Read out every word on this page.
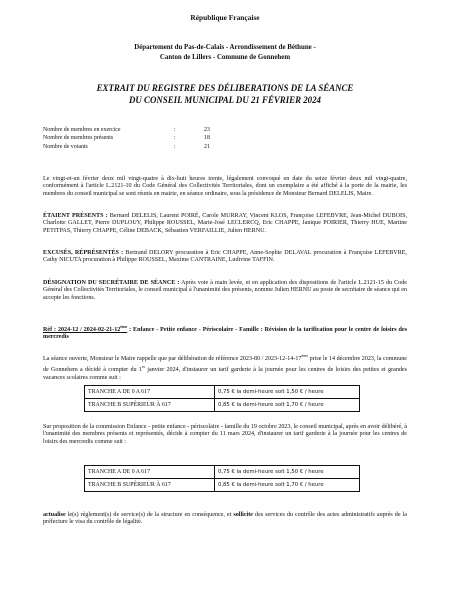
République Française
Département du Pas-de-Calais - Arrondissement de Béthune -
Canton de Lillers - Commune de Gonnehem
EXTRAIT DU REGISTRE DES DÉLIBERATIONS DE LA SÉANCE
DU CONSEIL MUNICIPAL DU 21 FÉVRIER 2024
Nombre de membres en exercice	:	23
Nombre de membres présents	:	18
Nombre de votants	:	21
Le vingt-et-un février deux mil vingt-quatre à dix-huit heures trente, légalement convoqué en date du seize février deux mil vingt-quatre, conformément à l'article L.2121-10 du Code Général des Collectivités Territoriales, dont un exemplaire a été affiché à la porte de la mairie, les membres du conseil municipal se sont réunis en mairie, en séance ordinaire, sous la présidence de Monsieur Bernard DELELIS, Maire.
ÉTAIENT PRÉSENTS : Bernard DELELIS, Laurent POIRÉ, Carole MURRAY, Vincent KLOS, Françoise LEFEBVRE, Jean-Michel DUBOIS, Charlotte GALLET, Pierre DUPLOUY, Philippe ROUSSEL, Marie-José LECLERCQ, Eric CHAPPE, Janique POIRIER, Thierry HUE, Martine PETITPAS, Thierry CHAPPE, Céline DEBACK, Sébastien VERFAILLIE, Julien HERNU.
EXCUSÉS, RÉPRÉSENTÉS : Bertrand DELORY procuration à Eric CHAPPE, Anne-Sophie DELAVAL procuration à Françoise LEFEBVRE, Cathy NICUTA procuration à Philippe ROUSSEL, Maxime CANTRAINE, Ludivine TAFFIN.
DÉSIGNATION DU SECRÉTAIRE DE SÉANCE : Après vote à main levée, et en application des dispositions de l'article L.2121-15 du Code Général des Collectivités Territoriales, le conseil municipal à l'unanimité des présents, nomme Julien HERNU au poste de secrétaire de séance qui en accepte les fonctions.
Réf : 2024-12 / 2024-02-21-12ème : Enfance - Petite enfance - Périscolaire - Famille : Révision de la tarification pour le centre de loisirs des mercredis
La séance ouverte, Monsieur le Maire rappelle que par délibération de référence 2023-80 / 2023-12-14-17ème prise le 14 décembre 2023, la commune de Gonnehem a décidé à compter du 1er janvier 2024, d'instaurer un tarif garderie à la journée pour les centres de loisirs des petites et grandes vacances scolaires comme suit :
TRANCHE A DE 0 A 617	0,75 € la demi-heure soit 1,50 € / heure
TRANCHE B SUPÉRIEUR À 617	0,85 € la demi-heure soit 1,70 € / heure
Sur proposition de la commission Enfance - petite enfance - périscolaire - famille du 19 octobre 2023, le conseil municipal, après en avoir délibéré, à l'unanimité des membres présents et représentés, décide à compter du 11 mars 2024, d'instaurer un tarif garderie à la journée pour les centres de loisirs des mercredis comme suit :
TRANCHE A DE 0 A 617	0,75 € la demi-heure soit 1,50 € / heure
TRANCHE B SUPÉRIEUR À 617	0,85 € la demi-heure soit 1,70 € / heure
actualise le(s) règlement(s) de service(s) de la structure en conséquence, et sollicite des services du contrôle des actes administratifs auprès de la préfecture le visa du contrôle de légalité.
